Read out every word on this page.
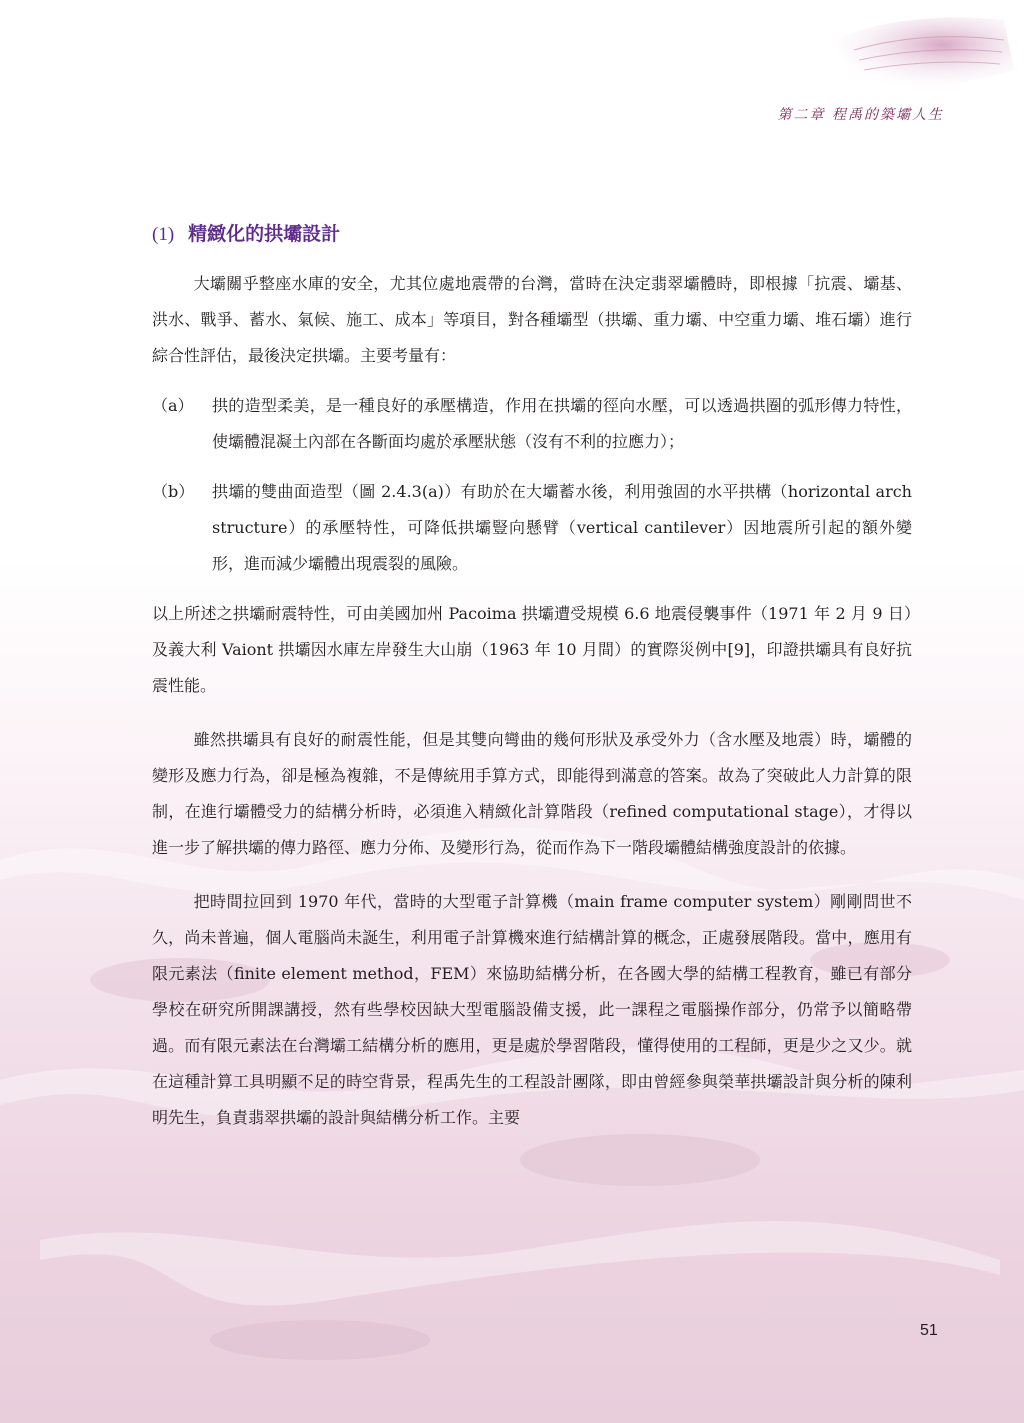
第二章 程禹的築壩人生
(1) 精緻化的拱壩設計

大壩關乎整座水庫的安全，尤其位處地震帶的台灣，當時在決定翡翠壩體時，即根據「抗震、壩基、洪水、戰爭、蓄水、氣候、施工、成本」等項目，對各種壩型（拱壩、重力壩、中空重力壩、堆石壩）進行綜合性評估，最後決定拱壩。主要考量有：

（a）	拱的造型柔美，是一種良好的承壓構造，作用在拱壩的徑向水壓，可以透過拱圈的弧形傳力特性，使壩體混凝土內部在各斷面均處於承壓狀態（沒有不利的拉應力）；
（b）	拱壩的雙曲面造型（圖 2.4.3(a)）有助於在大壩蓄水後，利用強固的水平拱構（horizontal arch structure）的承壓特性，可降低拱壩豎向懸臂（vertical cantilever）因地震所引起的額外變形，進而減少壩體出現震裂的風險。

以上所述之拱壩耐震特性，可由美國加州 Pacoima 拱壩遭受規模 6.6 地震侵襲事件（1971 年 2 月 9 日）及義大利 Vaiont 拱壩因水庫左岸發生大山崩（1963 年 10 月間）的實際災例中[9]，印證拱壩具有良好抗震性能。

雖然拱壩具有良好的耐震性能，但是其雙向彎曲的幾何形狀及承受外力（含水壓及地震）時，壩體的變形及應力行為，卻是極為複雜，不是傳統用手算方式，即能得到滿意的答案。故為了突破此人力計算的限制，在進行壩體受力的結構分析時，必須進入精緻化計算階段（refined computational stage），才得以進一步了解拱壩的傳力路徑、應力分佈、及變形行為，從而作為下一階段壩體結構強度設計的依據。

把時間拉回到 1970 年代，當時的大型電子計算機（main frame computer system）剛剛問世不久，尚未普遍，個人電腦尚未誕生，利用電子計算機來進行結構計算的概念，正處發展階段。當中，應用有限元素法（finite element method，FEM）來協助結構分析，在各國大學的結構工程教育，雖已有部分學校在研究所開課講授，然有些學校因缺大型電腦設備支援，此一課程之電腦操作部分，仍常予以簡略帶過。而有限元素法在台灣壩工結構分析的應用，更是處於學習階段，懂得使用的工程師，更是少之又少。就在這種計算工具明顯不足的時空背景，程禹先生的工程設計團隊，即由曾經參與榮華拱壩設計與分析的陳利明先生，負責翡翠拱壩的設計與結構分析工作。主要

51
